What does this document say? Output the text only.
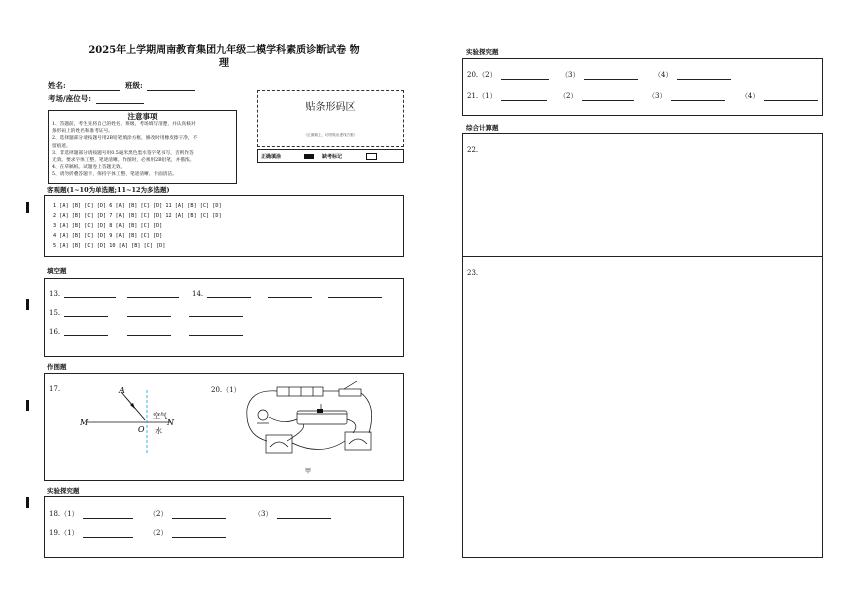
2025年上学期周南教育集团九年级二模学科素质诊断试卷 物
理
姓名:	班级:
考场/座位号:
注意事项
1、答题前，考生先将自己的姓名、班级、考场填写清楚，并认真核对
条形码上的姓名和准考证号。
2、选择题部分请按题号用2B铅笔填涂方框，修改时用橡皮擦干净，不
留痕迹。
3、非选择题部分请按题号用0.5毫米黑色墨水签字笔书写，否则作答
无效。要求字体工整、笔迹清晰。作图时，必须用2B铅笔，并描浓。
4、在草稿纸、试题卷上答题无效。
5、请勿折叠答题卡，保持字体工整、笔迹清晰、卡面清洁。
贴条形码区
（正面朝上，切勿贴出虚线方框）
正确填涂	缺考标记
客观题(1~10为单选题;11~12为多选题)
1 [A] [B] [C] [D] 6 [A] [B] [C] [D] 11 [A] [B] [C] [D]
2 [A] [B] [C] [D] 7 [A] [B] [C] [D] 12 [A] [B] [C] [D]
3 [A] [B] [C] [D] 8 [A] [B] [C] [D]
4 [A] [B] [C] [D] 9 [A] [B] [C] [D]
5 [A] [B] [C] [D] 10 [A] [B] [C] [D]
填空题
13.	14.
15.
16.
作图题
17.	20.（1）
A
M
O
N
空气
水
甲
实验探究题
18.（1）	（2）	（3）
19.（1）	（2）
实验探究题
20.（2）	（3）	（4）
21.（1）	（2）	（3）	（4）
综合计算题
22.
23.
